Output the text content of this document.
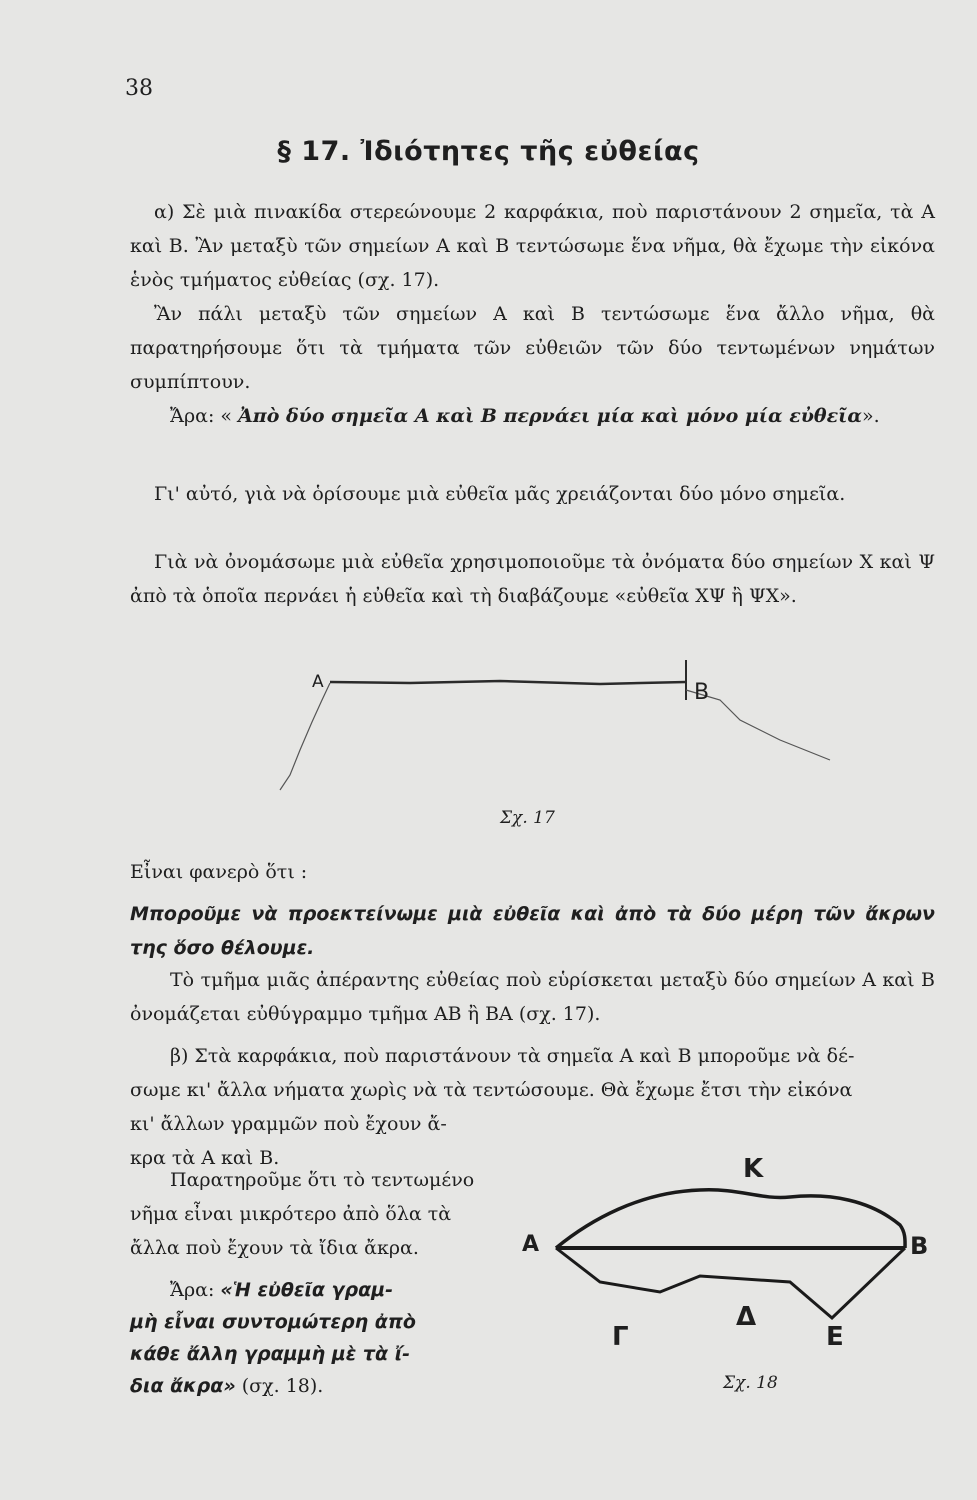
38
§ 17. Ἰδιότητες τῆς εὐθείας
α) Σὲ μιὰ πινακίδα στερεώνουμε 2 καρφάκια, ποὺ παριστάνουν 2 σημεῖα, τὰ Α καὶ Β. Ἂν μεταξὺ τῶν σημείων Α καὶ Β τεντώσωμε ἕνα νῆμα, θὰ ἔχωμε τὴν εἰκόνα ἑνὸς τμήματος εὐθείας (σχ. 17).
Ἂν πάλι μεταξὺ τῶν σημείων Α καὶ Β τεντώσωμε ἕνα ἄλλο νῆμα, θὰ παρατηρήσουμε ὅτι τὰ τμήματα τῶν εὐθειῶν τῶν δύο τεντωμένων νημάτων συμπίπτουν.
Ἄρα: « Ἀπὸ δύο σημεῖα Α καὶ Β περνάει μία καὶ μόνο μία εὐθεῖα».
Γι' αὐτό, γιὰ νὰ ὁρίσουμε μιὰ εὐθεῖα μᾶς χρειάζονται δύο μόνο σημεῖα.
Γιὰ νὰ ὀνομάσωμε μιὰ εὐθεῖα χρησιμοποιοῦμε τὰ ὀνόματα δύο σημείων Χ καὶ Ψ ἀπὸ τὰ ὁποῖα περνάει ἡ εὐθεῖα καὶ τὴ διαβάζουμε «εὐθεῖα ΧΨ ἢ ΨΧ».
A	B
Σχ. 17
Εἶναι φανερὸ ὅτι :
Μποροῦμε νὰ προεκτείνωμε μιὰ εὐθεῖα καὶ ἀπὸ τὰ δύο μέρη τῶν ἄκρων της ὅσο θέλουμε.
Τὸ τμῆμα μιᾶς ἀπέραντης εὐθείας ποὺ εὑρίσκεται μεταξὺ δύο σημείων Α καὶ Β ὀνομάζεται εὐθύγραμμο τμῆμα ΑΒ ἢ ΒΑ (σχ. 17).
β) Στὰ καρφάκια, ποὺ παριστάνουν τὰ σημεῖα Α καὶ Β μποροῦμε νὰ δέ-
σωμε κι' ἄλλα νήματα χωρὶς νὰ τὰ τεντώσουμε. Θὰ ἔχωμε ἔτσι τὴν εἰκόνα
κι' ἄλλων γραμμῶν ποὺ ἔχουν ἄ-
κρα τὰ Α καὶ Β.
Παρατηροῦμε ὅτι τὸ τεντωμένο
νῆμα εἶναι μικρότερο ἀπὸ ὅλα τὰ
ἄλλα ποὺ ἔχουν τὰ ἴδια ἄκρα.
Ἄρα: «Ἡ εὐθεῖα γραμ-
μὴ εἶναι συντομώτερη ἀπὸ
κάθε ἄλλη γραμμὴ μὲ τὰ ἴ-
δια ἄκρα» (σχ. 18).
K
A	B
Γ
Δ
E
Σχ. 18
